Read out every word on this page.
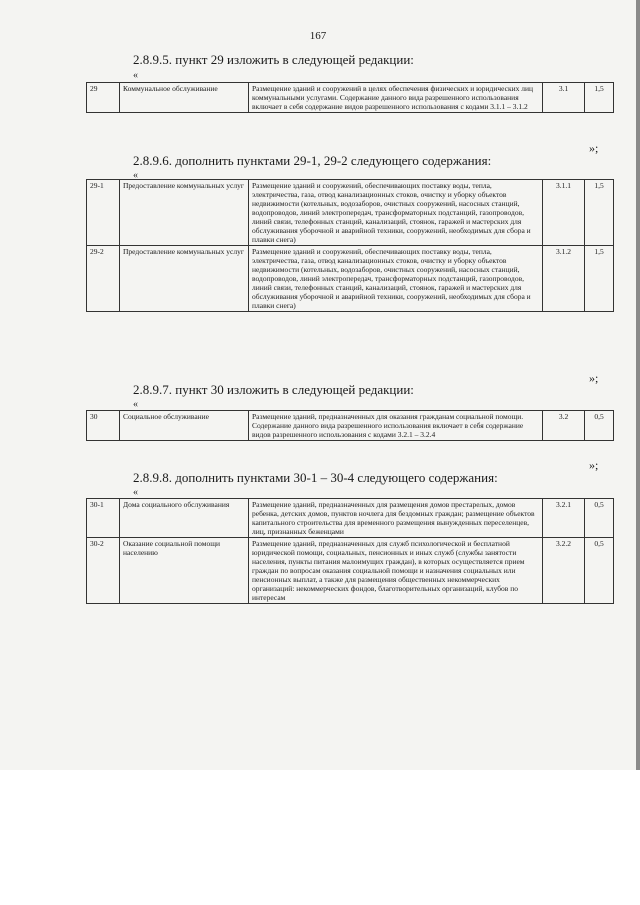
167
2.8.9.5. пункт 29 изложить в следующей редакции:
«
29	Коммунальное обслуживание	Размещение зданий и сооружений в целях обеспечения физических и юридических лиц коммунальными услугами. Содержание данного вида разрешенного использования включает в себя содержание видов разрешенного использования с кодами 3.1.1 – 3.1.2	3.1	1,5
»;
2.8.9.6. дополнить пунктами 29-1, 29-2 следующего содержания:
«
29-1	Предоставление коммунальных услуг	Размещение зданий и сооружений, обеспечивающих поставку воды, тепла, электричества, газа, отвод канализационных стоков, очистку и уборку объектов недвижимости (котельных, водозаборов, очистных сооружений, насосных станций, водопроводов, линий электропередач, трансформаторных подстанций, газопроводов, линий связи, телефонных станций, канализаций, стоянок, гаражей и мастерских для обслуживания уборочной и аварийной техники, сооружений, необходимых для сбора и плавки снега)	3.1.1	1,5
29-2	Предоставление коммунальных услуг	Размещение зданий и сооружений, обеспечивающих поставку воды, тепла, электричества, газа, отвод канализационных стоков, очистку и уборку объектов недвижимости (котельных, водозаборов, очистных сооружений, насосных станций, водопроводов, линий электропередач, трансформаторных подстанций, газопроводов, линий связи, телефонных станций, канализаций, стоянок, гаражей и мастерских для обслуживания уборочной и аварийной техники, сооружений, необходимых для сбора и плавки снега)	3.1.2	1,5
»;
2.8.9.7. пункт 30 изложить в следующей редакции:
«
30	Социальное обслуживание	Размещение зданий, предназначенных для оказания гражданам социальной помощи. Содержание данного вида разрешенного использования включает в себя содержание видов разрешенного использования с кодами 3.2.1 – 3.2.4	3.2	0,5
»;
2.8.9.8. дополнить пунктами 30-1 – 30-4 следующего содержания:
«
30-1	Дома социального обслуживания	Размещение зданий, предназначенных для размещения домов престарелых, домов ребенка, детских домов, пунктов ночлега для бездомных граждан; размещение объектов капитального строительства для временного размещения вынужденных переселенцев, лиц, признанных беженцами	3.2.1	0,5
30-2	Оказание социальной помощи населению	Размещение зданий, предназначенных для служб психологической и бесплатной юридической помощи, социальных, пенсионных и иных служб (службы занятости населения, пункты питания малоимущих граждан), в которых осуществляется прием граждан по вопросам оказания социальной помощи и назначения социальных или пенсионных выплат, а также для размещения общественных некоммерческих организаций: некоммерческих фондов, благотворительных организаций, клубов по интересам	3.2.2	0,5
